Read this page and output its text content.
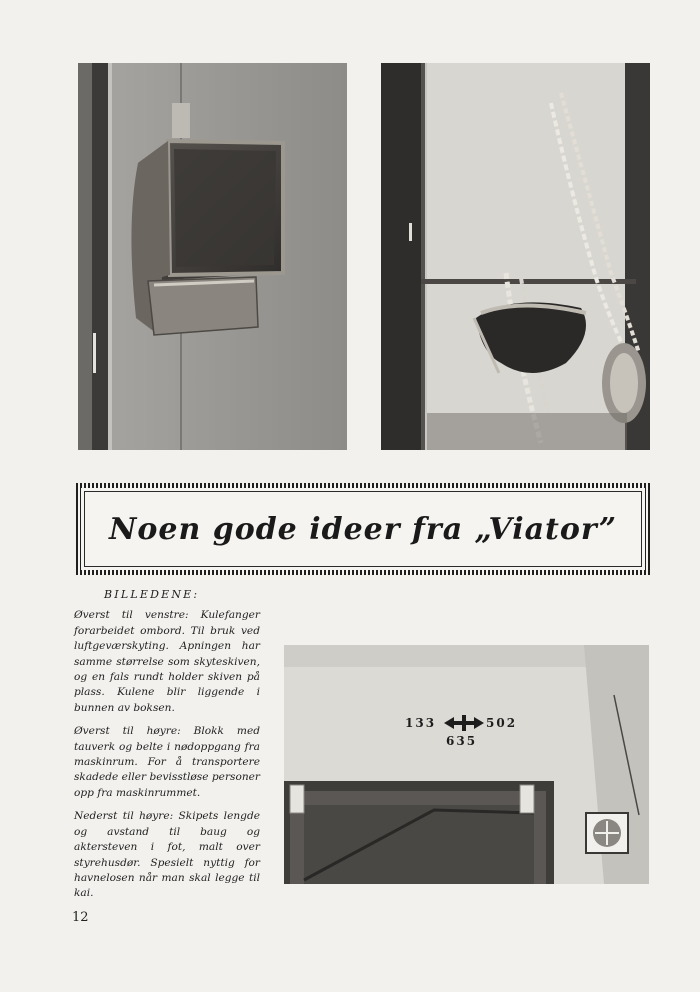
Noen gode ideer fra „Viator”
BILLEDENE:

Øverst til venstre: Kulefanger forarbeidet ombord. Til bruk ved luftgeværskyting. Apningen har samme størrelse som skyteskiven, og en fals rundt holder skiven på plass. Kulene blir liggende i bunnen av boksen.

Øverst til høyre: Blokk med tauverk og belte i nødoppgang fra maskinrum. For å transportere skadede eller bevisstløse personer opp fra maskinrummet.

Nederst til høyre: Skipets lengde og avstand til baug og aktersteven i fot, malt over styrehusdør. Spesielt nyttig for havnelosen når man skal legge til kai.

133	502
635
12
